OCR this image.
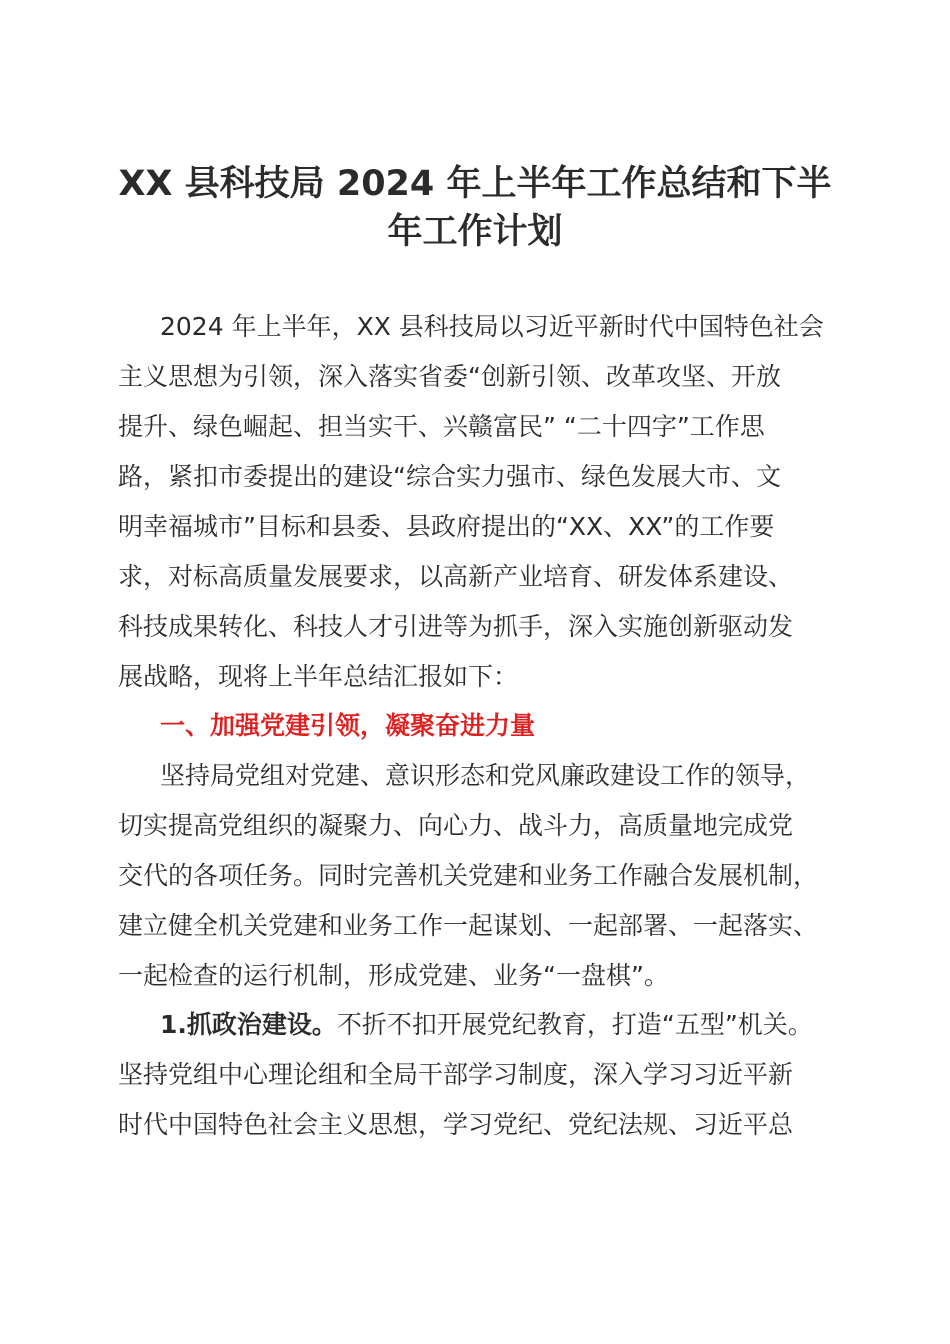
XX 县科技局 2024 年上半年工作总结和下半
年工作计划

2024 年上半年，XX 县科技局以习近平新时代中国特色社会

主义思想为引领，深入落实省委“创新引领、改革攻坚、开放

提升、绿色崛起、担当实干、兴赣富民” “二十四字”工作思

路，紧扣市委提出的建设“综合实力强市、绿色发展大市、文

明幸福城市”目标和县委、县政府提出的“XX、XX”的工作要

求，对标高质量发展要求，以高新产业培育、研发体系建设、

科技成果转化、科技人才引进等为抓手，深入实施创新驱动发

展战略，现将上半年总结汇报如下：

一、加强党建引领，凝聚奋进力量

坚持局党组对党建、意识形态和党风廉政建设工作的领导，

切实提高党组织的凝聚力、向心力、战斗力，高质量地完成党

交代的各项任务。同时完善机关党建和业务工作融合发展机制，

建立健全机关党建和业务工作一起谋划、一起部署、一起落实、

一起检查的运行机制，形成党建、业务“一盘棋”。

1.抓政治建设。不折不扣开展党纪教育，打造“五型”机关。

坚持党组中心理论组和全局干部学习制度，深入学习习近平新

时代中国特色社会主义思想，学习党纪、党纪法规、习近平总
